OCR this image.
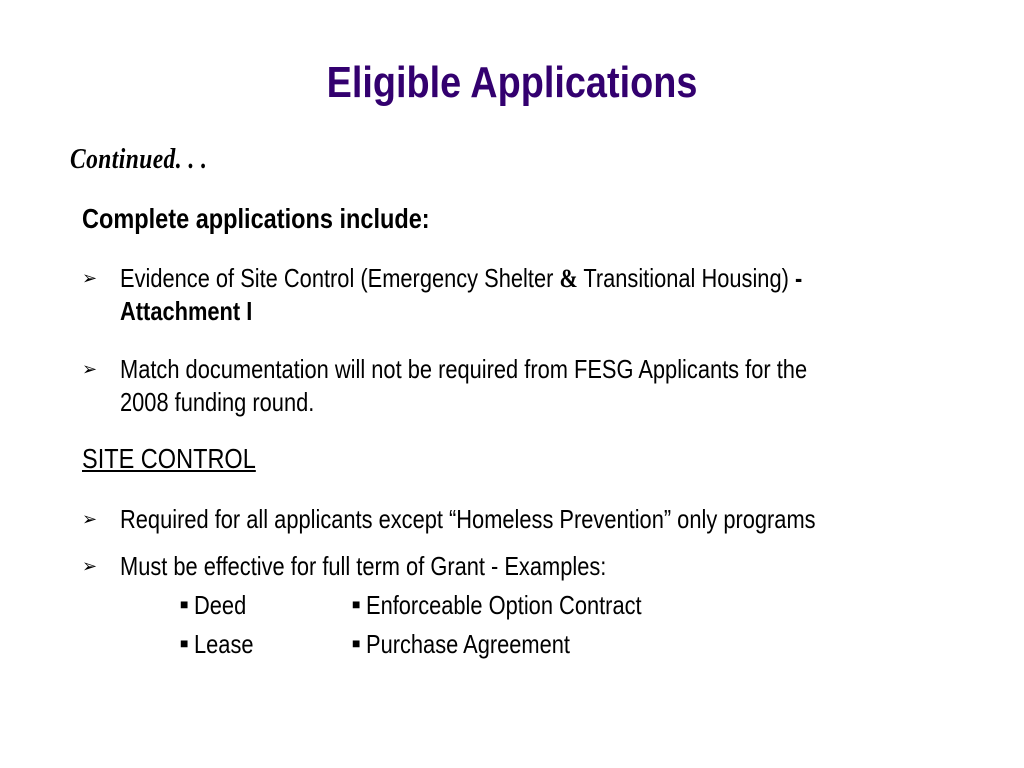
Eligible Applications
Continued. . .
Complete applications include:
➢ Evidence of Site Control (Emergency Shelter & Transitional Housing) -
Attachment I
➢ Match documentation will not be required from FESG Applicants for the
2008 funding round.
SITE CONTROL
➢ Required for all applicants except “Homeless Prevention” only programs
➢ Must be effective for full term of Grant - Examples:
■ Deed	■ Enforceable Option Contract
■ Lease	■ Purchase Agreement
